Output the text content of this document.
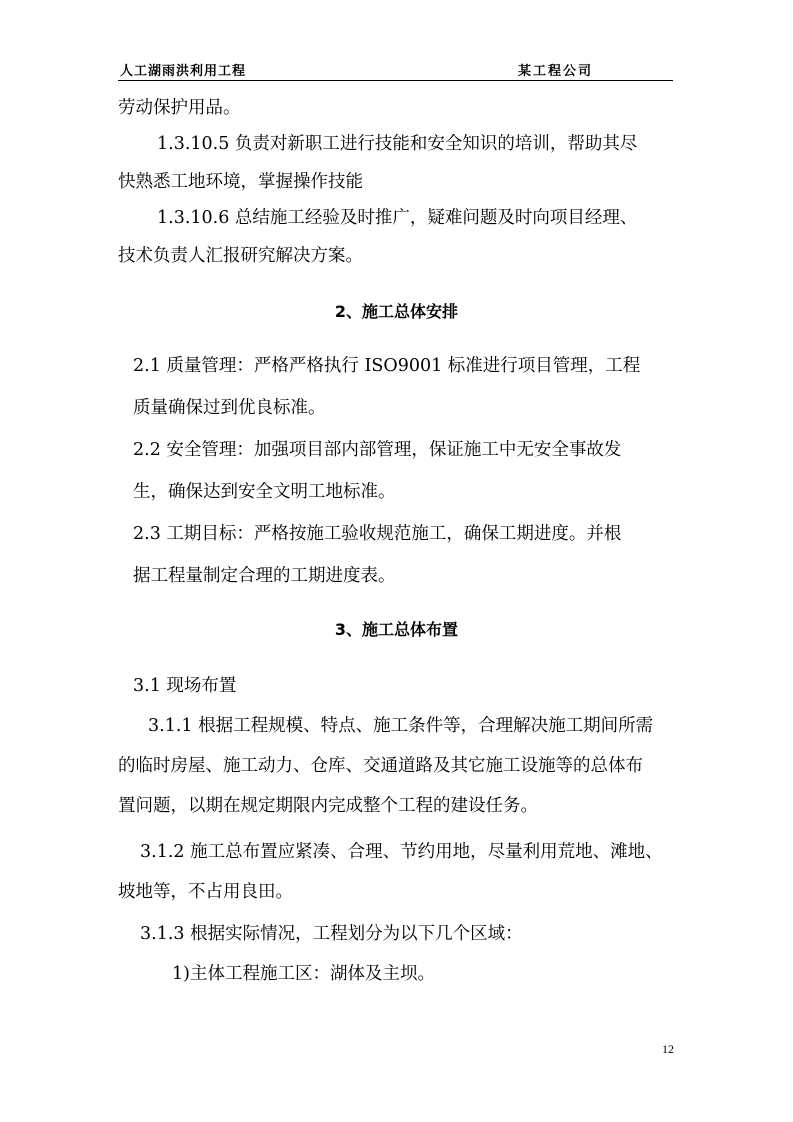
人工湖雨洪利用工程	某工程公司
劳动保护用品。
1.3.10.5 负责对新职工进行技能和安全知识的培训，帮助其尽
快熟悉工地环境，掌握操作技能
1.3.10.6 总结施工经验及时推广，疑难问题及时向项目经理、
技术负责人汇报研究解决方案。
2、施工总体安排
2.1 质量管理：严格严格执行 ISO9001 标准进行项目管理，工程
质量确保过到优良标准。
2.2 安全管理：加强项目部内部管理，保证施工中无安全事故发
生，确保达到安全文明工地标准。
2.3 工期目标：严格按施工验收规范施工，确保工期进度。并根
据工程量制定合理的工期进度表。
3、施工总体布置
3.1 现场布置
3.1.1 根据工程规模、特点、施工条件等，合理解决施工期间所需
的临时房屋、施工动力、仓库、交通道路及其它施工设施等的总体布
置问题，以期在规定期限内完成整个工程的建设任务。
3.1.2 施工总布置应紧凑、合理、节约用地，尽量利用荒地、滩地、
坡地等，不占用良田。
3.1.3 根据实际情况，工程划分为以下几个区域：
1)主体工程施工区：湖体及主坝。
12
